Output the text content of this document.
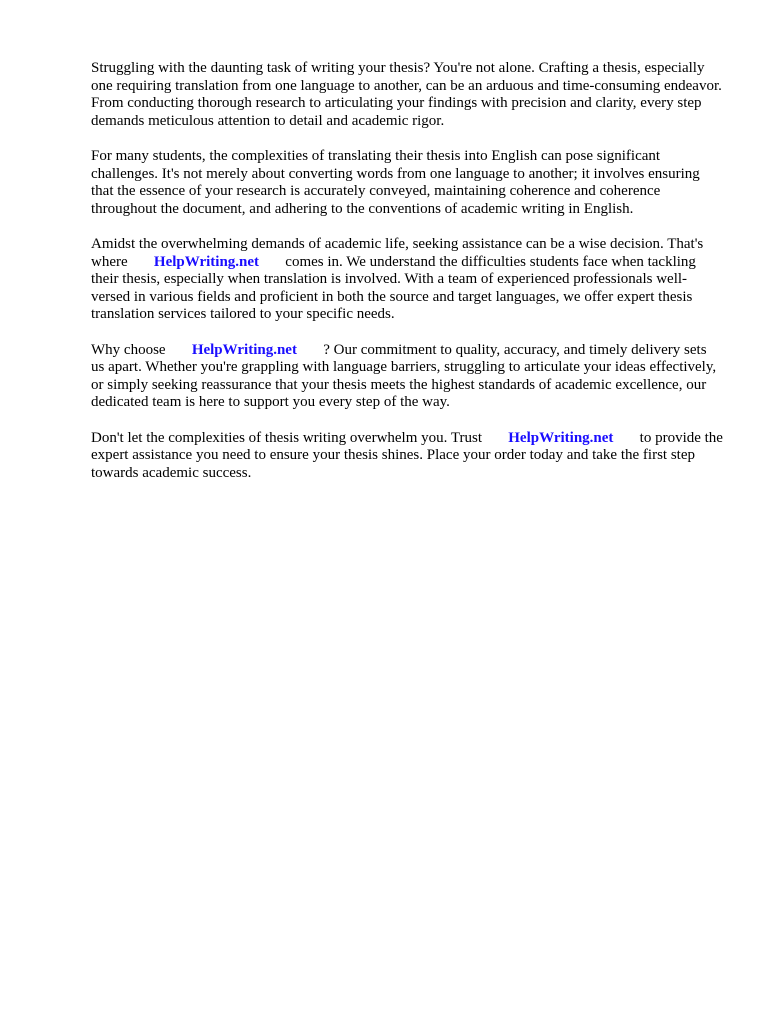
Struggling with the daunting task of writing your thesis? You're not alone. Crafting a thesis, especially one requiring translation from one language to another, can be an arduous and time-consuming endeavor. From conducting thorough research to articulating your findings with precision and clarity, every step demands meticulous attention to detail and academic rigor.

For many students, the complexities of translating their thesis into English can pose significant challenges. It's not merely about converting words from one language to another; it involves ensuring that the essence of your research is accurately conveyed, maintaining coherence and coherence throughout the document, and adhering to the conventions of academic writing in English.

Amidst the overwhelming demands of academic life, seeking assistance can be a wise decision. That's where HelpWriting.net comes in. We understand the difficulties students face when tackling their thesis, especially when translation is involved. With a team of experienced professionals well-versed in various fields and proficient in both the source and target languages, we offer expert thesis translation services tailored to your specific needs.

Why choose HelpWriting.net ? Our commitment to quality, accuracy, and timely delivery sets us apart. Whether you're grappling with language barriers, struggling to articulate your ideas effectively, or simply seeking reassurance that your thesis meets the highest standards of academic excellence, our dedicated team is here to support you every step of the way.

Don't let the complexities of thesis writing overwhelm you. Trust HelpWriting.net to provide the expert assistance you need to ensure your thesis shines. Place your order today and take the first step towards academic success.
